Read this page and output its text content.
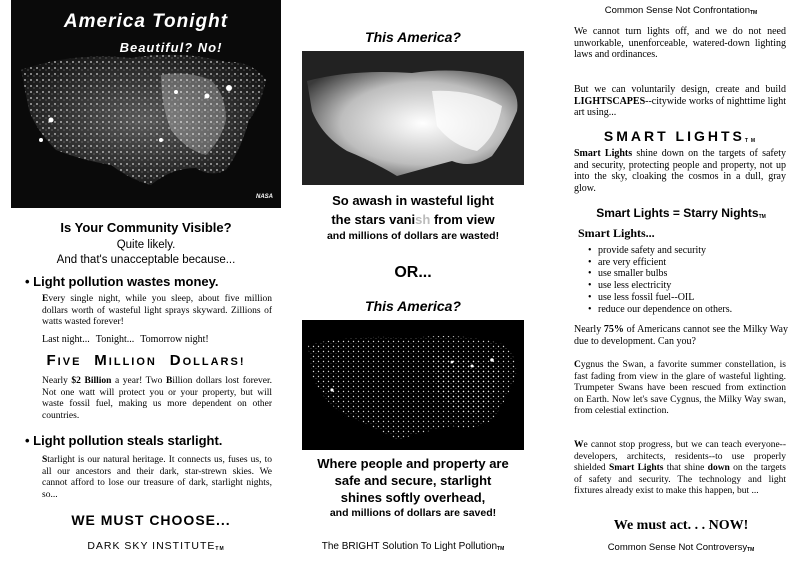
America Tonight
Beautiful? No!
NASA
Is Your Community Visible?
Quite likely.
And that's unacceptable because...
• Light pollution wastes money.
Every single night, while you sleep, about five million dollars worth of wasteful light sprays skyward. Zillions of watts wasted forever!
Last night... Tonight... Tomorrow night!
FIVE MILLION DOLLARS!
Nearly $2 Billion a year! Two Billion dollars lost forever. Not one watt will protect you or your property, but will waste fossil fuel, making us more dependent on other countries.
• Light pollution steals starlight.
Starlight is our natural heritage. It connects us, fuses us, to all our ancestors and their dark, star-strewn skies. We cannot afford to lose our treasure of dark, starlight nights, so...
WE MUST CHOOSE...
DARK SKY INSTITUTETM
This America?
So awash in wasteful light
the stars vanish from view
and millions of dollars are wasted!
OR...
This America?
Where people and property are
safe and secure, starlight
shines softly overhead,
and millions of dollars are saved!
The BRIGHT Solution To Light PollutionTM
Common Sense Not ConfrontationTM
We cannot turn lights off, and we do not need unworkable, unenforceable, watered-down lighting laws and ordinances.
But we can voluntarily design, create and build LIGHTSCAPES--citywide works of nighttime light art using...
SMART LIGHTSTM
Smart Lights shine down on the targets of safety and security, protecting people and property, not up into the sky, cloaking the cosmos in a dull, gray glow.
Smart Lights = Starry NightsTM
Smart Lights...
• provide safety and security
• are very efficient
• use smaller bulbs
• use less electricity
• use less fossil fuel--OIL
• reduce our dependence on others.
Nearly 75% of Americans cannot see the Milky Way due to development. Can you?
Cygnus the Swan, a favorite summer constellation, is fast fading from view in the glare of wasteful lighting. Trumpeter Swans have been rescued from extinction on Earth. Now let's save Cygnus, the Milky Way swan, from celestial extinction.
We cannot stop progress, but we can teach everyone--developers, architects, residents--to use properly shielded Smart Lights that shine down on the targets of safety and security. The technology and light fixtures already exist to make this happen, but ...
We must act. . . NOW!
Common Sense Not ControversyTM
